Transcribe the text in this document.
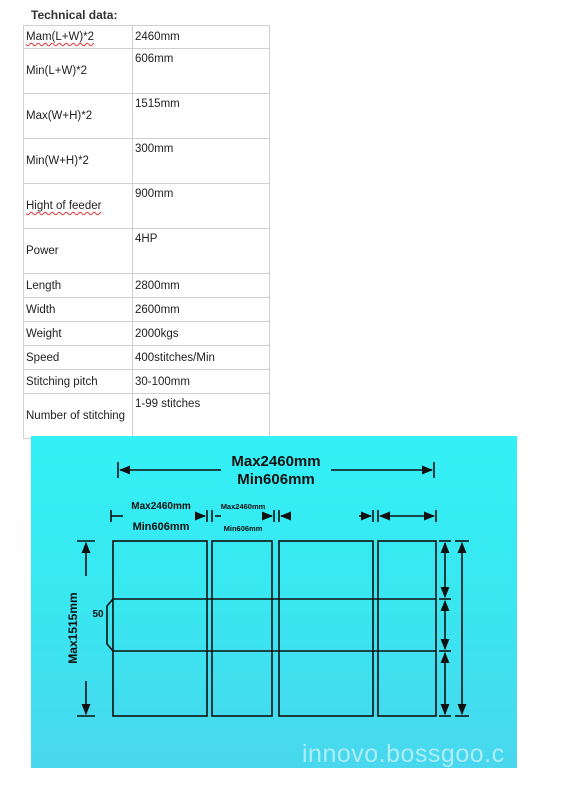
Technical data:
Mam(L+W)*2	2460mm
Min(L+W)*2	606mm
Max(W+H)*2	1515mm
Min(W+H)*2	300mm
Hight of feeder	900mm
Power	4HP
Length	2800mm
Width	2600mm
Weight	2000kgs
Speed	400stitches/Min
Stitching pitch	30-100mm
Number of stitching	1-99 stitches
Max2460mm
Min606mm
Max2460mm
Min606mm
Max2460mm
Min606mm
Max1515mm 50
innovo.bossgoo.c
